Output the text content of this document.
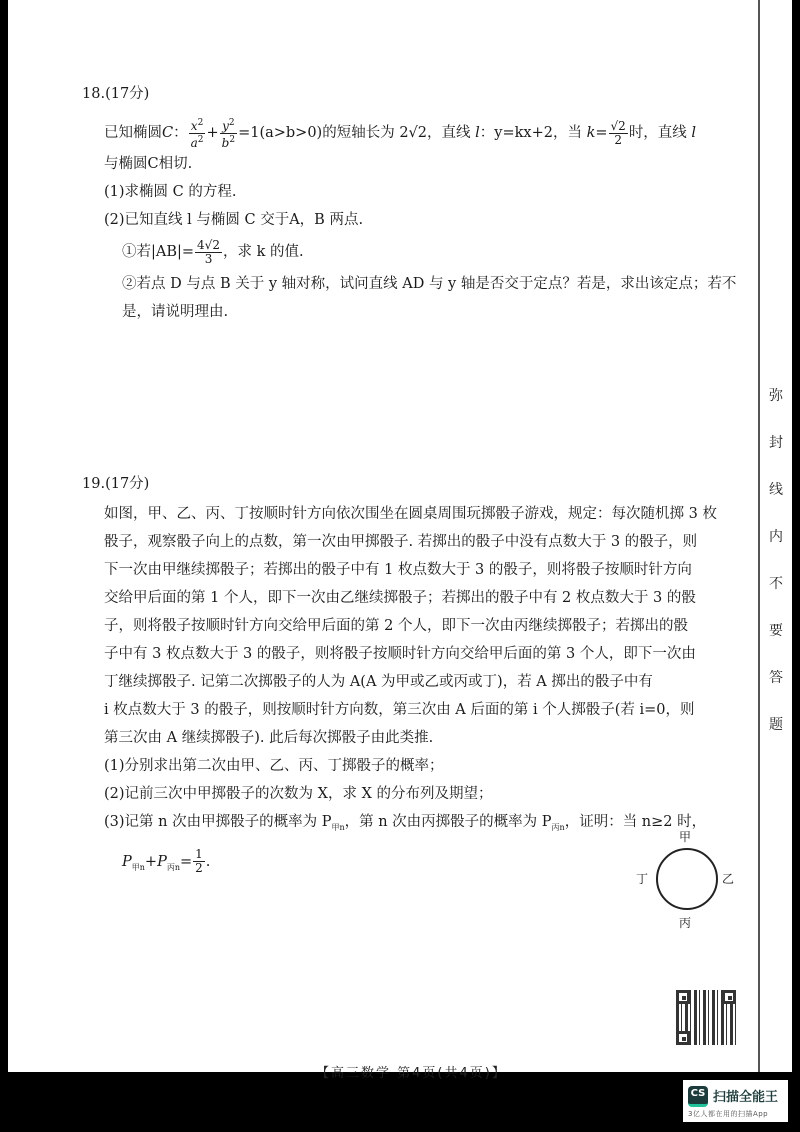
弥
封
线
内
不
要
答
题
18.(17分)
已知椭圆C： $\frac{x^2}{a^2} + \frac{y^2}{b^2} =1(a>b>0)$的短轴长为 2√2，直线 l：y=kx+2，当 $k= \frac{√2}{2}$ 时，直线 l
与椭圆C相切.
(1)求椭圆 C 的方程.
(2)已知直线 l 与椭圆 C 交于A，B 两点.
①若$|AB|= \frac{4√2}{3}$ ，求 k 的值.
②若点 D 与点 B 关于 y 轴对称，试问直线 AD 与 y 轴是否交于定点？若是，求出该定点；若不是，请说明理由.
19.(17分)
如图，甲、乙、丙、丁按顺时针方向依次围坐在圆桌周围玩掷骰子游戏，规定：每次随机掷 3 枚
骰子，观察骰子向上的点数，第一次由甲掷骰子. 若掷出的骰子中没有点数大于 3 的骰子，则
下一次由甲继续掷骰子；若掷出的骰子中有 1 枚点数大于 3 的骰子，则将骰子按顺时针方向
交给甲后面的第 1 个人，即下一次由乙继续掷骰子；若掷出的骰子中有 2 枚点数大于 3 的骰
子，则将骰子按顺时针方向交给甲后面的第 2 个人，即下一次由丙继续掷骰子；若掷出的骰
子中有 3 枚点数大于 3 的骰子，则将骰子按顺时针方向交给甲后面的第 3 个人，即下一次由
丁继续掷骰子. 记第二次掷骰子的人为 A(A 为甲或乙或丙或丁)，若 A 掷出的骰子中有
i 枚点数大于 3 的骰子，则按顺时针方向数，第三次由 A 后面的第 i 个人掷骰子(若 i=0，则
第三次由 A 继续掷骰子). 此后每次掷骰子由此类推.
(1)分别求出第二次由甲、乙、丙、丁掷骰子的概率；
(2)记前三次中甲掷骰子的次数为 X，求 X 的分布列及期望；
(3)记第 n 次由甲掷骰子的概率为 $P_{甲n}$，第 n 次由丙掷骰子的概率为 $P_{丙n}$，证明：当 n≥2 时，
$P_{甲n}+P_{丙n}= \frac{1}{2}$ .
甲
乙
丙
丁
【高三数学 第4页(共4页)】
CS 扫描全能王
3亿人都在用的扫描App
